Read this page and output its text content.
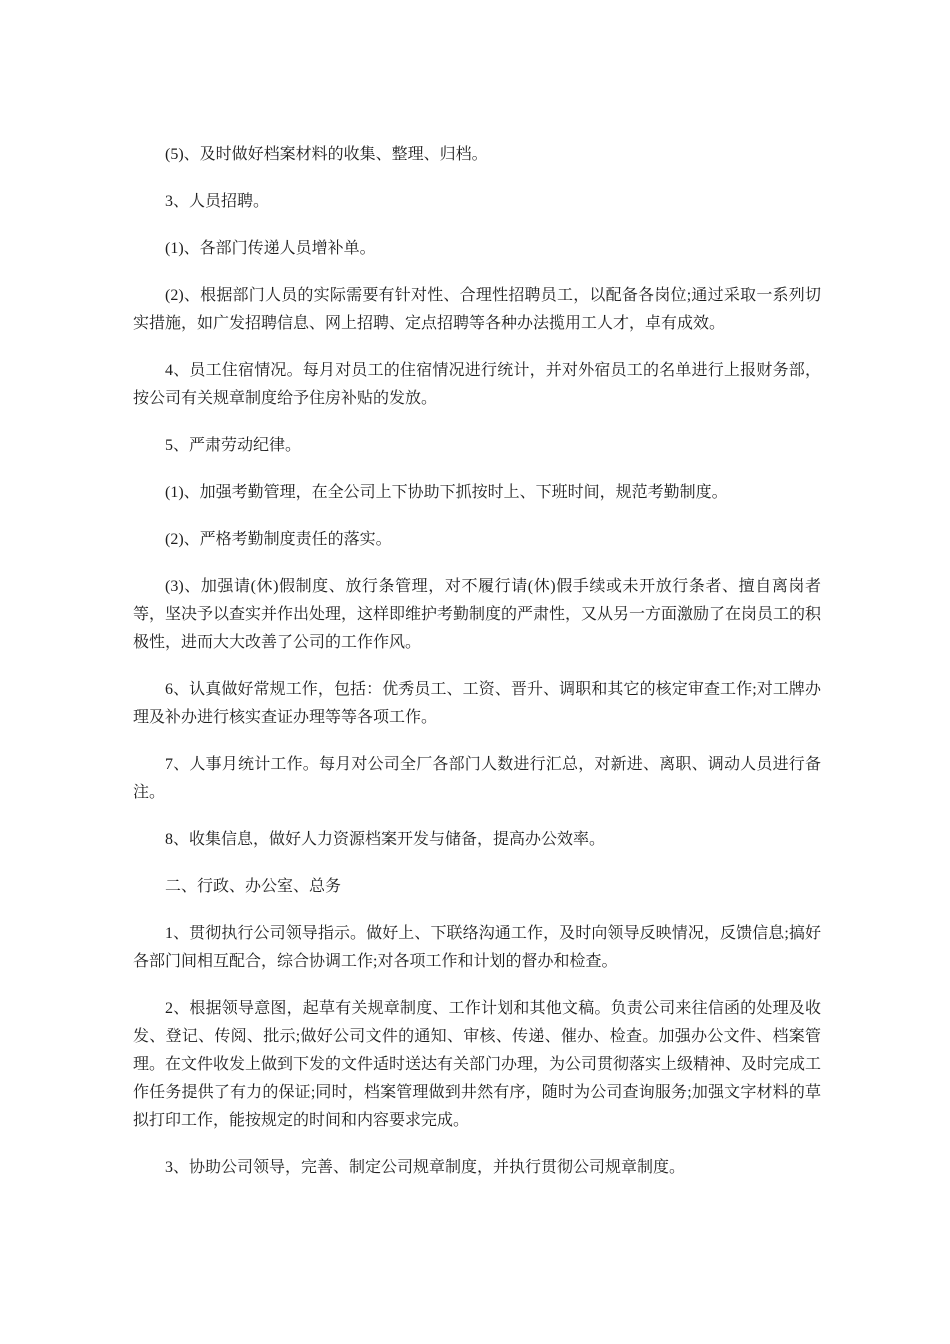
(5)、及时做好档案材料的收集、整理、归档。

3、人员招聘。

(1)、各部门传递人员增补单。

(2)、根据部门人员的实际需要有针对性、合理性招聘员工，以配备各岗位;通过采取一系列切实措施，如广发招聘信息、网上招聘、定点招聘等各种办法揽用工人才，卓有成效。

4、员工住宿情况。每月对员工的住宿情况进行统计，并对外宿员工的名单进行上报财务部，按公司有关规章制度给予住房补贴的发放。

5、严肃劳动纪律。

(1)、加强考勤管理，在全公司上下协助下抓按时上、下班时间，规范考勤制度。

(2)、严格考勤制度责任的落实。

(3)、加强请(休)假制度、放行条管理，对不履行请(休)假手续或未开放行条者、擅自离岗者等，坚决予以查实并作出处理，这样即维护考勤制度的严肃性，又从另一方面激励了在岗员工的积极性，进而大大改善了公司的工作作风。

6、认真做好常规工作，包括：优秀员工、工资、晋升、调职和其它的核定审查工作;对工牌办理及补办进行核实查证办理等等各项工作。

7、人事月统计工作。每月对公司全厂各部门人数进行汇总，对新进、离职、调动人员进行备注。

8、收集信息，做好人力资源档案开发与储备，提高办公效率。

二、行政、办公室、总务

1、贯彻执行公司领导指示。做好上、下联络沟通工作，及时向领导反映情况，反馈信息;搞好各部门间相互配合，综合协调工作;对各项工作和计划的督办和检查。

2、根据领导意图，起草有关规章制度、工作计划和其他文稿。负责公司来往信函的处理及收发、登记、传阅、批示;做好公司文件的通知、审核、传递、催办、检查。加强办公文件、档案管理。在文件收发上做到下发的文件适时送达有关部门办理，为公司贯彻落实上级精神、及时完成工作任务提供了有力的保证;同时，档案管理做到井然有序，随时为公司查询服务;加强文字材料的草拟打印工作，能按规定的时间和内容要求完成。

3、协助公司领导，完善、制定公司规章制度，并执行贯彻公司规章制度。
